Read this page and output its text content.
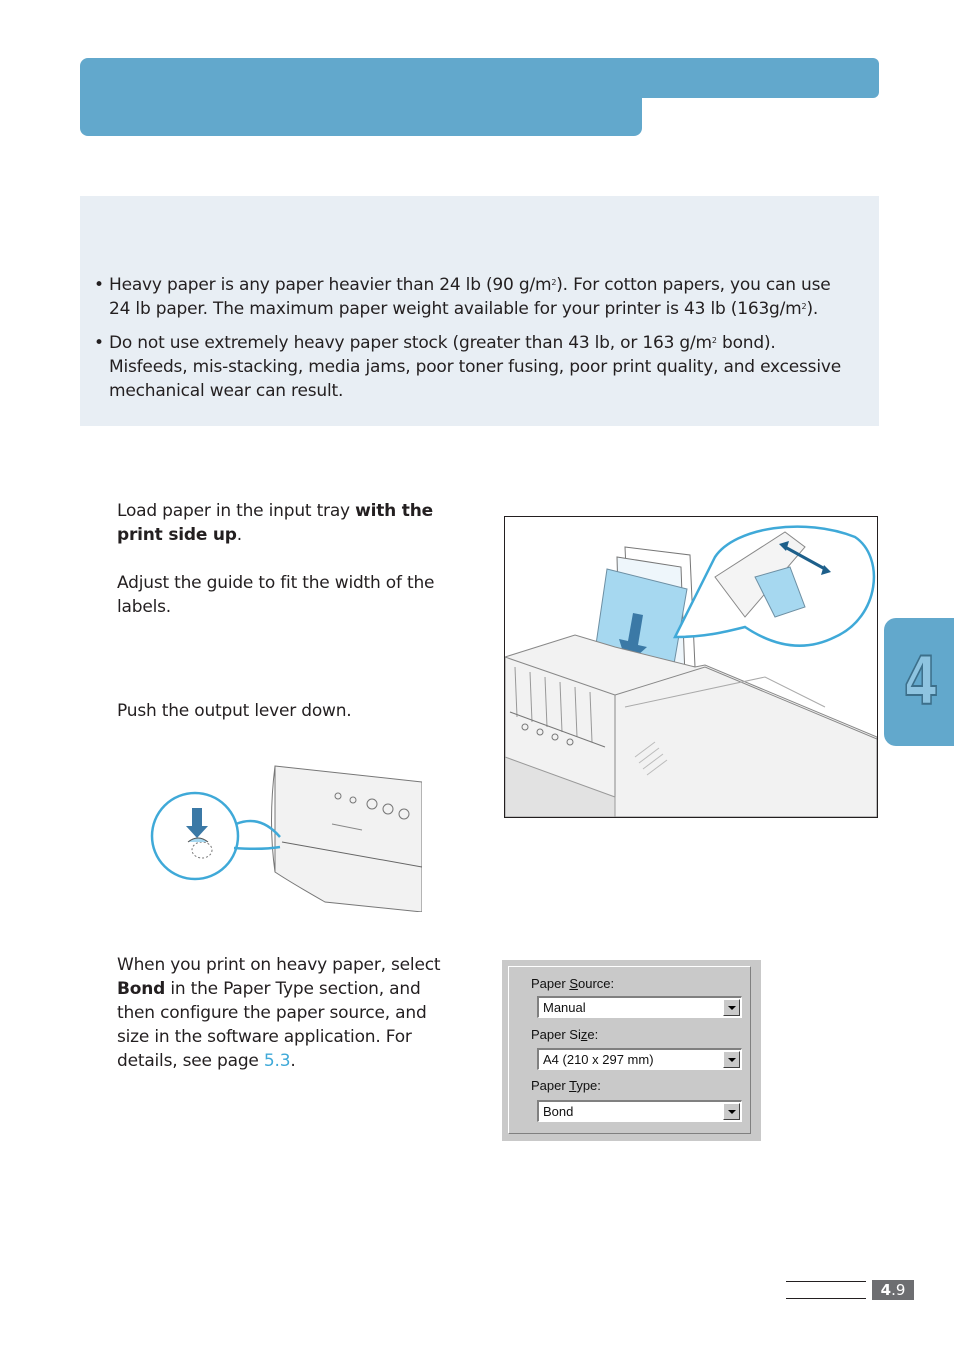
• Heavy paper is any paper heavier than 24 lb (90 $g/m^2$). For cotton papers, you can use
24 lb paper. The maximum paper weight available for your printer is 43 lb $(163g/m^2)$.
• Do not use extremely heavy paper stock (greater than 43 lb, or 163 $g/m^2$ bond).
Misfeeds, mis-stacking, media jams, poor toner fusing, poor print quality, and excessive mechanical wear can result.
Load paper in the input tray with the print side up.
Adjust the guide to fit the width of the labels.
Push the output lever down.
When you print on heavy paper, select Bond in the Paper Type section, and then configure the paper source, and size in the software application. For details, see page 5.3.
Paper Source:
Manual
Paper Size:
A4 (210 x 297 mm)
Paper Type:
Bond
4
4.9
